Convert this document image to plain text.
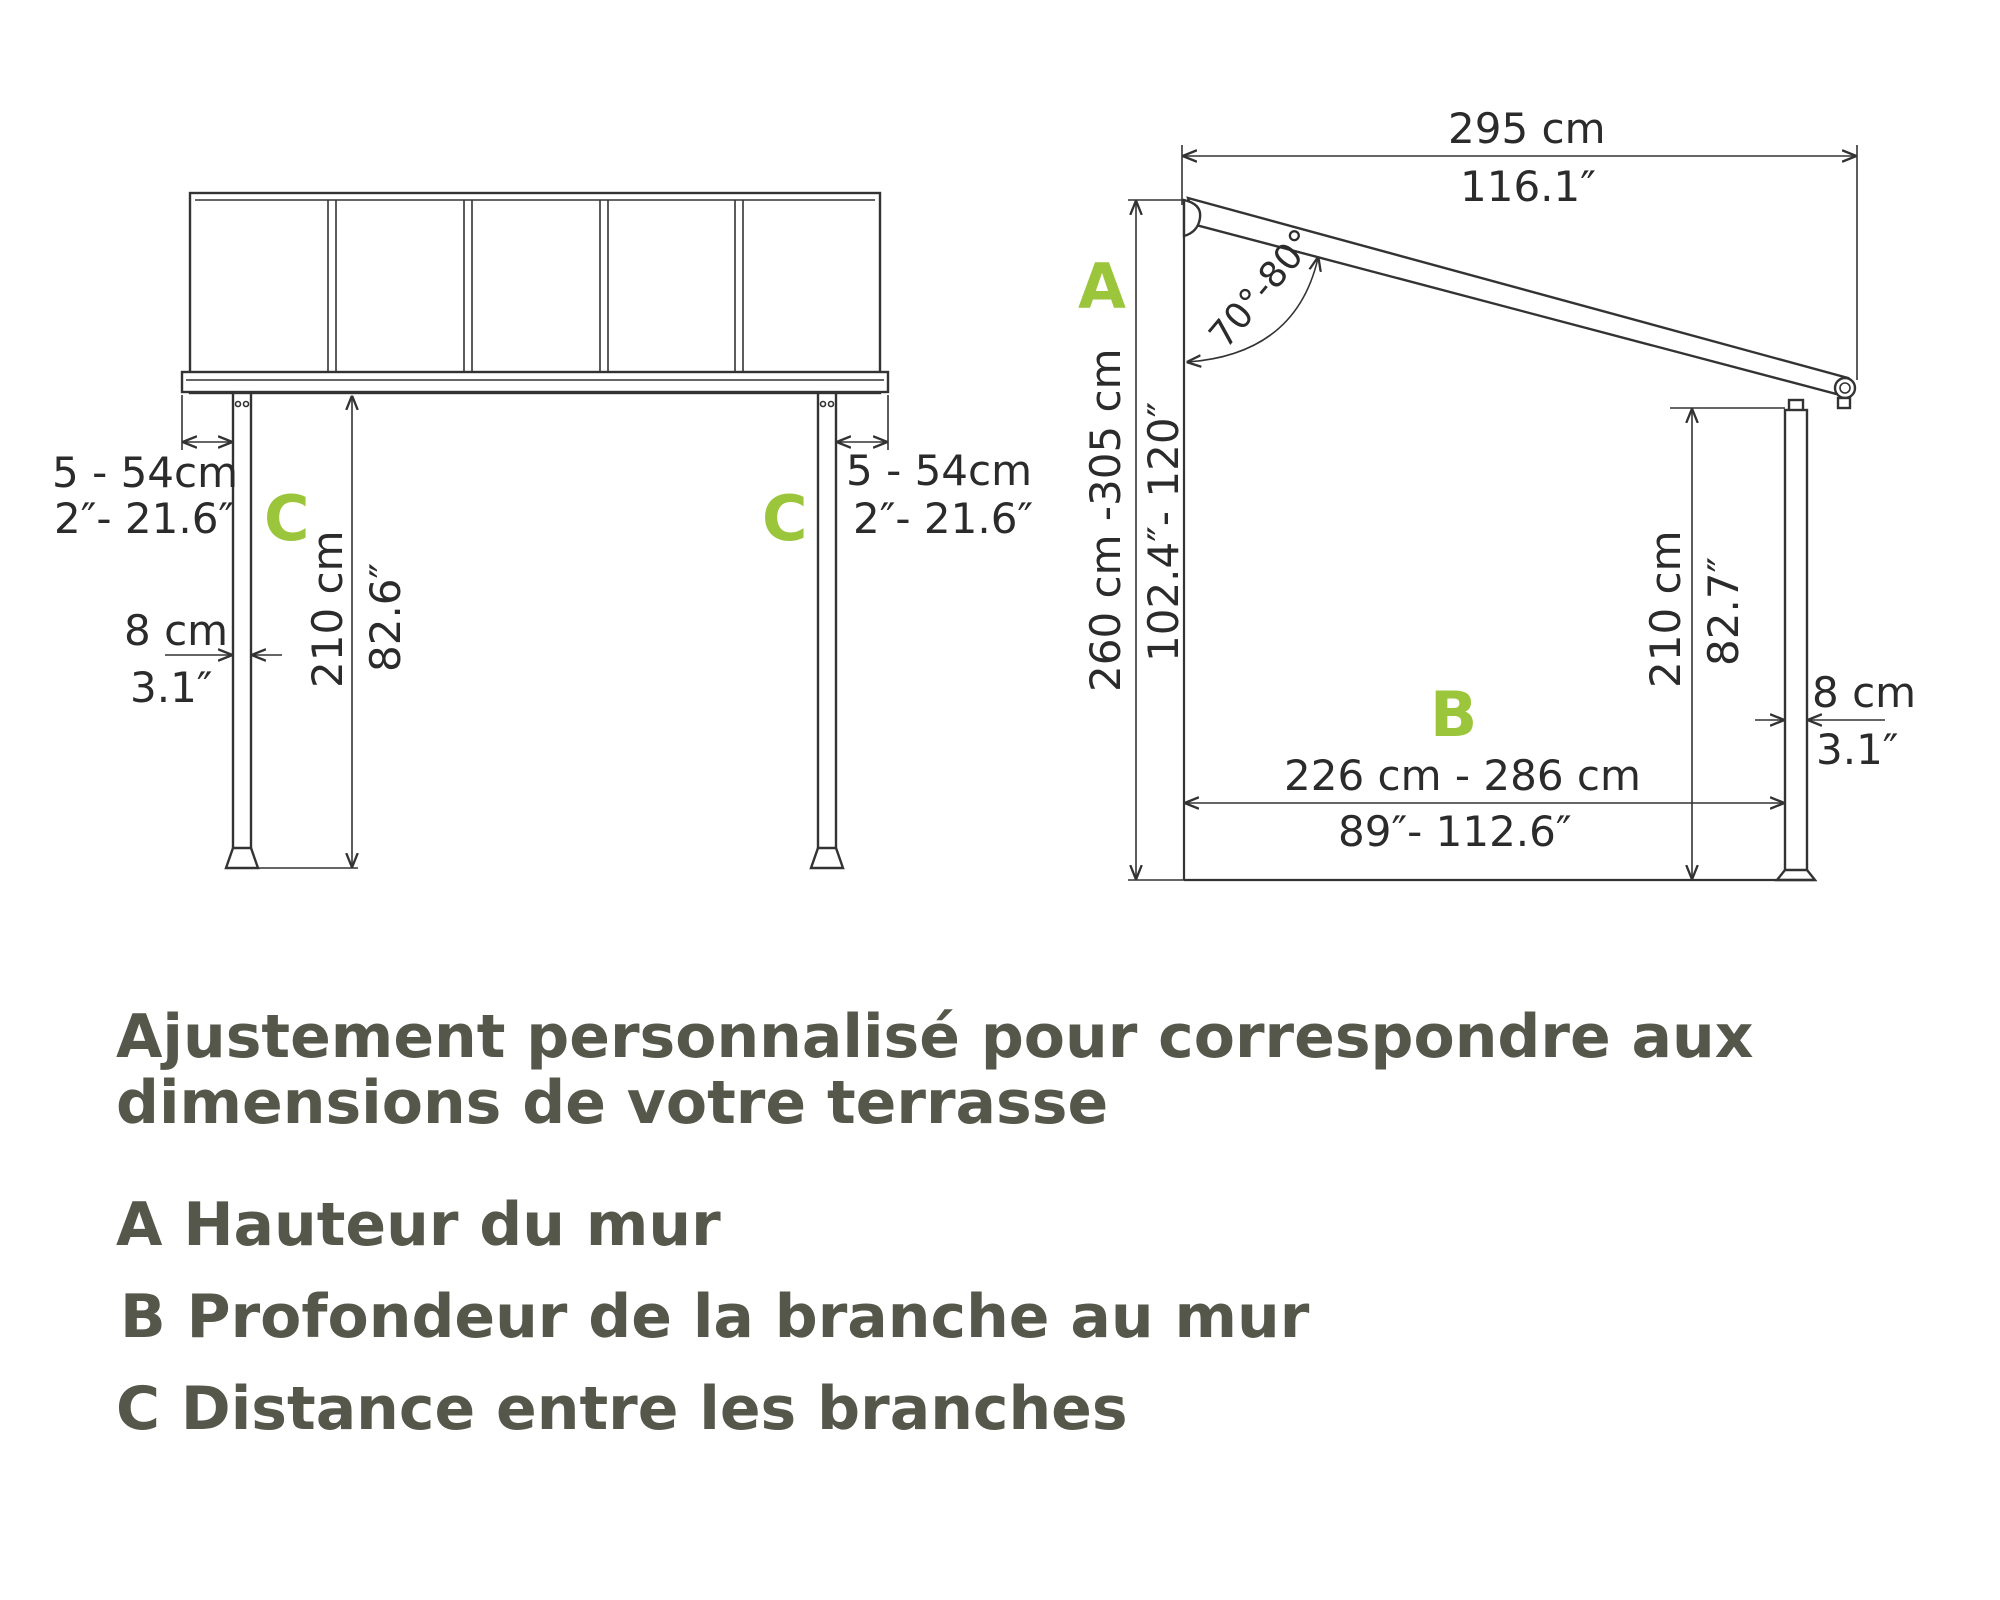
5 - 54cm
2″- 21.6″
5 - 54cm
2″- 21.6″
C	C
8 cm
3.1″ 210 cm 82.6″
295 cm
116.1″
A
260 cm -305 cm 102.4″- 120″
70°-80°
210 cm 82.7″
B
226 cm - 286 cm
89″- 112.6″
8 cm
3.1″

Ajustement personnalisé pour correspondre aux dimensions de votre terrasse

A Hauteur du mur

B Profondeur de la branche au mur

C Distance entre les branches
